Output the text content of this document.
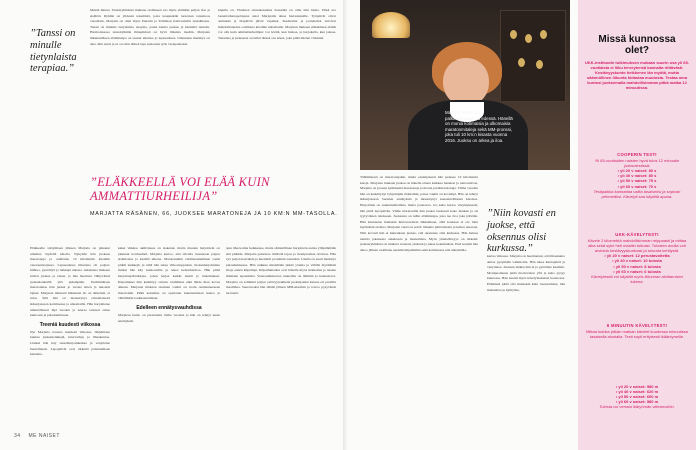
”Tanssi on minulle tietynlaista terapiaa.”

härkää minua. Tanssiryhmässä mukana olemiseen tuo myös elämään paljon iloa ja sisältöä. Ryhmä on yhdessä tekemistä, josta kaupunkiin tuotetaan tanssiteos vuosittain. Marjatta on ollut myös Pietarin ja Tallinnan festivaaleilla tanssimassa. Tanssi on minulle tietynlaista terapiaa, jonka kautta purkaa ja käsitellä tunteita. Harmonisessa tanssiryhmän ilmapiirissä on hyvä ilmaista itseään. Marjatan liikunnallinen elämäntapa on saanut alkunsa jo lapsuudessa. Liikunnan merkitys on aina ollut suuri ja se on ollut tärkeä tapa rentoutua työn vastapainoksi.

kipuilu on. Yhteinen tanssikokemus itsessään on ollut niin hieno. Pitkä ura lastentarhanopettajana antoi Marjatalle aikaa harrastuksille. Työpäivät olivat aamuisin ja iltapäivät jäivät vapaiksi. Kesälomat ja joululomat antoivat mahdollisuuden osallistua kisoihin ulkomailla. Marjatan mukaan eläkeläisen elämä voi olla kuin ammattiurheilijan: voi levätä, kun haluaa, ja harjoitella, kun jaksaa. Tanssista ja juoksusta on tullut tärkeä osa arkea, joka pitää mielen virkeänä.

”ELÄKKEELLÄ VOI ELÄÄ KUIN AMMATTIURHEILIJA”
MARJATTA RÄSÄNEN, 66, JUOKSEE MARATONEJA JA 10 KM:N MM-TASOLLA.

Eläkkeelle siirtymisen jälkeen Marjatta on jatkanut urheilua täydellä teholla. Nykyään hän juoksee maratoneja ja osallistuu 10 kilometrin kisoihin veteraanisarjassa. Lapsuudessa liikuntaa oli paljon: hiihtoa, pyöräilyä ja leikkejä ulkona. Aikuisena mukaan tulivat juoksu ja tanssi, ja hän huomasi viihtyvänsä juoksulenkeillä yhä pidempään. Ensimmäisen maratoninsa hän juoksi jo vuosia sitten ja innostui lajista. Marjatan mielestä liikunnan ilo on tärkeintä, ei tulos. Silti hän on menestynyt erinomaisesti ikäsarjassaan kotimaassa ja ulkomailla. Hän harjoittelee säännöllisesti läpi vuoden ja seuraa tarkasti omaa kuntoaan ja palautumistaan.

Treeniä kuudesti viikossa

Nyt Marjatta treenaa kuudesti viikossa. Ohjelmaan kuuluu juoksulenkkejä, intervalleja ja lihaskuntoa. Lisäksi hän käy tanssiharjoituksissa ja venyttelee huolellisesti. Lepopäivät ovat tärkeitä palautumisen kannalta.

kaksi viikkoa aktiivisuus on laskenut, mutta muuten harjoittelu on jatkunut normaalisti. Marjatta kertoo, että talvella treenataan paljon sisätiloissa ja kesällä ulkona. Maratoneihin valmistautuminen vaatii pitkiä lenkkejä, ja niitä hän tekee viikonloppuisin. Juoksuharjoittelun lisäksi hän käy kuntosalilla ja tekee kehonhuoltoa. Hän pitää harjoituspäiväkirjaa, johon kirjaa kaikki lenkit ja tuntemukset. Kilpailuissa hän keskittyy omaan vauhtiinsa eikä lähde liian kovaa alkuun. Marjatan mukaan tasainen vauhti on avain onnistuneeseen maratoniin. Pitkä kokemus on opettanut kuuntelemaan kehoa ja välttämään loukkaantumisia.

Edelleen ennätysvauhdissa

Marjatan kunto on parantunut viime vuosina ja hän on tehnyt uusia ennätyksiä.

ajan lihasvoima heikkenee, mutta säännöllinen harjoittelu auttaa ylläpitämään sitä pitkään. Marjatta painottaa riittävää lepoa ja monipuolista ravintoa. Hän syö paljon kasviksia ja huolehtii proteiinin saannista. Unella on suuri merkitys palautumisessa. Hän nukkuu mielellään pitkiä yöunia ja välttää myöhäisiä iltoja ennen kilpailuja. Kilpailumatkat ovat hänelle myös matkailua ja uusien ihmisten tapaamista. Veteraanikisoissa tunnelma on lämmin ja kannustava. Marjatta on solminut paljon ystävyyssuhteita juoksijoiden kanssa eri puolilla maailmaa. Seuraavaksi hän tähtää jälleen MM-kisoihin ja toivoo pysyvänsä terveenä.

Marjatta Räsänen palkintokaappinsa edessä. Hänellä on monia kotimaisia ja ulkomaisia maratonmitaleja sekä MM-pronssi, joka tuli 10 km:n kisasta vuonna 2016. Juoksu on arkea ja iloa.

Tähtäimessä on maratonejakin, mutta ensisijaisesti hän juoksee 10 kilometrin kisoja. Marjatan mukaan juoksu on hänelle ennen kaikkea hauskaa ja rentouttavaa. Marjatta on juossut kymmeniä maratoneja ja monia puolimaratoneja. Viime vuosina hän on keskittynyt lyhyempiin matkoihin, joissa vauhti on kovempi. Hän on tehnyt ikäsarjassaan Suomen ennätyksiä ja menestynyt kansainvälisissä kisoissa. Harjoittelu on suunnitelmallista, mutta joustavaa. Jos keho kertoo väsymyksestä, hän pitää lepopäivän. Viime maratonilla hän juoksi tasaisesti koko matkan ja oli tyytyväinen tulokseen. Juoksusta on tullut elämäntapa, joka tuo iloa joka päivään. Hän kannustaa muitakin ikätovereitaan liikkumaan, sillä koskaan ei ole liian myöhäistä aloittaa. Marjatan viesti on selvä: liikunta pitää mielen ja kehon nuorena. Niin kovasti hän ei kuitenkaan juokse, että oksennus olisi kurkussa. Hän haluaa nauttia jokaisesta askeleesta ja maisemista. Myös yhteisöllisyys on tärkeää: juoksuryhmässä on mukava treenata yhdessä ja jakaa kokemuksia. Ensi kesänä hän aikoo jälleen osallistua useisiin kilpailuihin sekä kotimaassa että ulkomailla.

”Niin kovasti en juokse, että oksennus olisi kurkussa.”

kertaa viikossa. Marjatta on huomannut, että lihaskunto auttaa pysymään vammoitta. Hän tekee kuntopiiriä ja venyttelee. Juoksun lisäksi hän ui ja pyöräilee kesäisin. Monipuolisuus pitää motivaation yllä ja keho pysyy kunnossa. Hän nauttii myös kävelylenkeistä luonnossa. Elämässä pitää olla muutakin kuin treenaamista, hän muistuttaa ja hymyilee.

Missä kunnossa olet?
UKK-instituutin tutkimuksen mukaan suurin osa yli 65-vuotiaista ei liiku terveytensä kannalta riittävästi. Kestävyyskunto heikkenee iän myötä, mutta säännöllinen liikunta hidastaa muutosta. Testaa oma kuntosi juoksemalla mahdollisimman pitkä matka 12 minuutissa.
COOPERIN TESTI
Yli 65-vuotiaiden naisten hyvä tulos 12 minuutin juoksutestissä:
• yli 20 v naiset: 80 s
• yli 40 v naiset: 80 s
• yli 50 v naiset: 75 s
• yli 60 v naiset: 70 s
Testipaikka kannattaa valita tasaiseksi ja sopivan pehmeäksi. Kävelyä saa käyttää apuna.
UKK-KÄVELYTESTI
Kävele 2 kilometriä mahdollisimman reippaasti ja mittaa aika sekä syke heti maaliin tultuasi. Tulosten avulla voit arvioida kestävyyskuntoasi ja seurata kehitystä.
• yli 20 v naiset: 12 perustavoitetta
• yli 40 v naiset: 10 tulosta
• yli 50 v naiset: 8 tulosta
• yli 60 v naiset: 6 tulosta
Kävelytestiä voi käyttää myös liikunnan aloittamisen tukena.
6 MINUUTIN KÄVELYTESTI
Mittaa kuinka pitkän matkan kävelet kuudessa minuutissa tasaisella alustalla. Testi sopii erityisesti ikääntyneille.
• yli 20 v naiset: 580 m
• yli 40 v naiset: 620 m
• yli 50 v naiset: 600 m
• yli 60 v naiset: 580 m
Tulosta voi verrata ikäryhmän viitearvoihin.
34 ME NAISET
